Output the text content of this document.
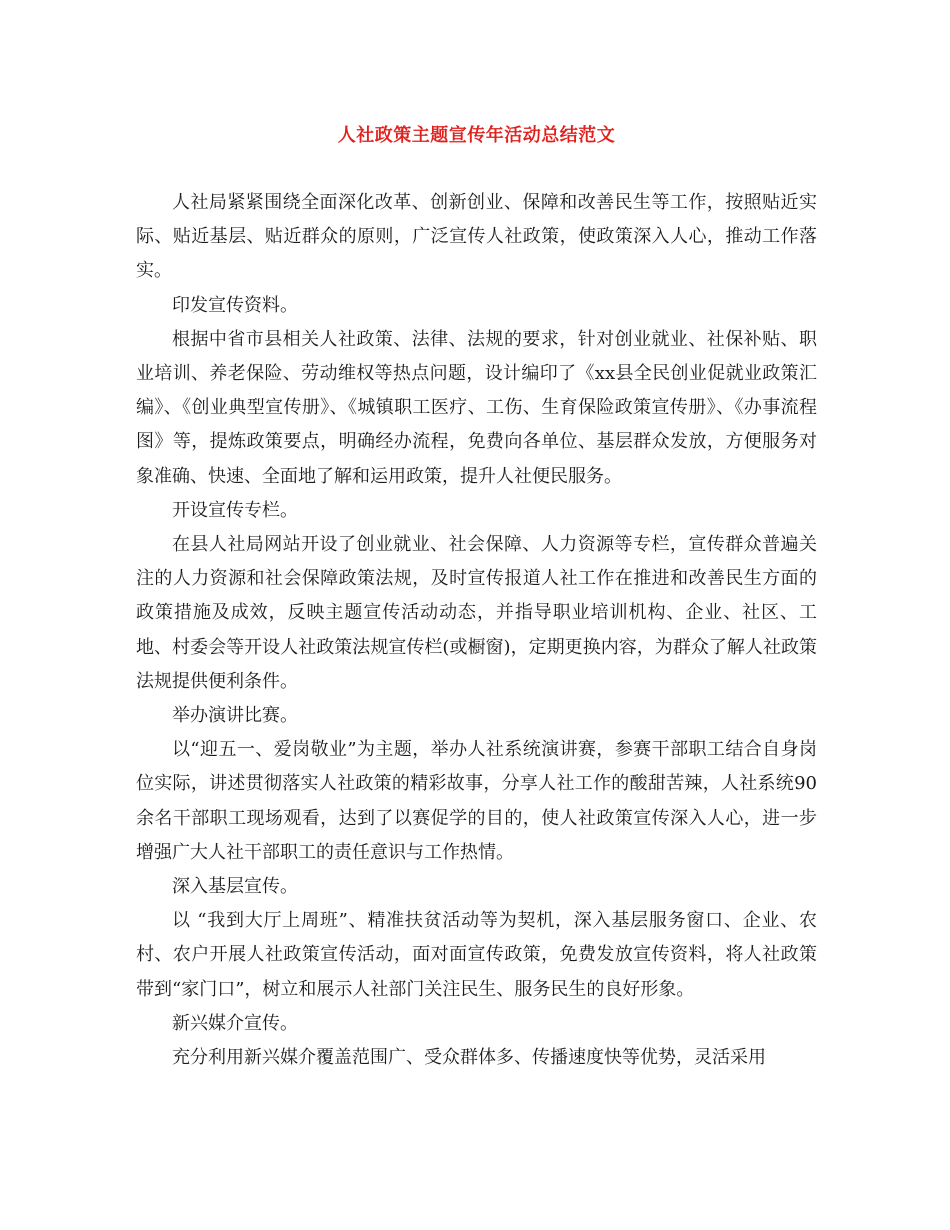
人社政策主题宣传年活动总结范文

人社局紧紧围绕全面深化改革、创新创业、保障和改善民生等工作，按照贴近实际、贴近基层、贴近群众的原则，广泛宣传人社政策，使政策深入人心，推动工作落实。

印发宣传资料。

根据中省市县相关人社政策、法律、法规的要求，针对创业就业、社保补贴、职业培训、养老保险、劳动维权等热点问题，设计编印了《xx县全民创业促就业政策汇编》、《创业典型宣传册》、《城镇职工医疗、工伤、生育保险政策宣传册》、《办事流程图》等，提炼政策要点，明确经办流程，免费向各单位、基层群众发放，方便服务对象准确、快速、全面地了解和运用政策，提升人社便民服务。

开设宣传专栏。

在县人社局网站开设了创业就业、社会保障、人力资源等专栏，宣传群众普遍关注的人力资源和社会保障政策法规，及时宣传报道人社工作在推进和改善民生方面的政策措施及成效，反映主题宣传活动动态，并指导职业培训机构、企业、社区、工地、村委会等开设人社政策法规宣传栏(或橱窗)，定期更换内容，为群众了解人社政策法规提供便利条件。

举办演讲比赛。

以“迎五一、爱岗敬业”为主题，举办人社系统演讲赛，参赛干部职工结合自身岗位实际，讲述贯彻落实人社政策的精彩故事，分享人社工作的酸甜苦辣，人社系统90余名干部职工现场观看，达到了以赛促学的目的，使人社政策宣传深入人心，进一步增强广大人社干部职工的责任意识与工作热情。

深入基层宣传。

以 “我到大厅上周班”、精准扶贫活动等为契机，深入基层服务窗口、企业、农村、农户开展人社政策宣传活动，面对面宣传政策，免费发放宣传资料，将人社政策带到“家门口”，树立和展示人社部门关注民生、服务民生的良好形象。

新兴媒介宣传。

充分利用新兴媒介覆盖范围广、受众群体多、传播速度快等优势，灵活采用
